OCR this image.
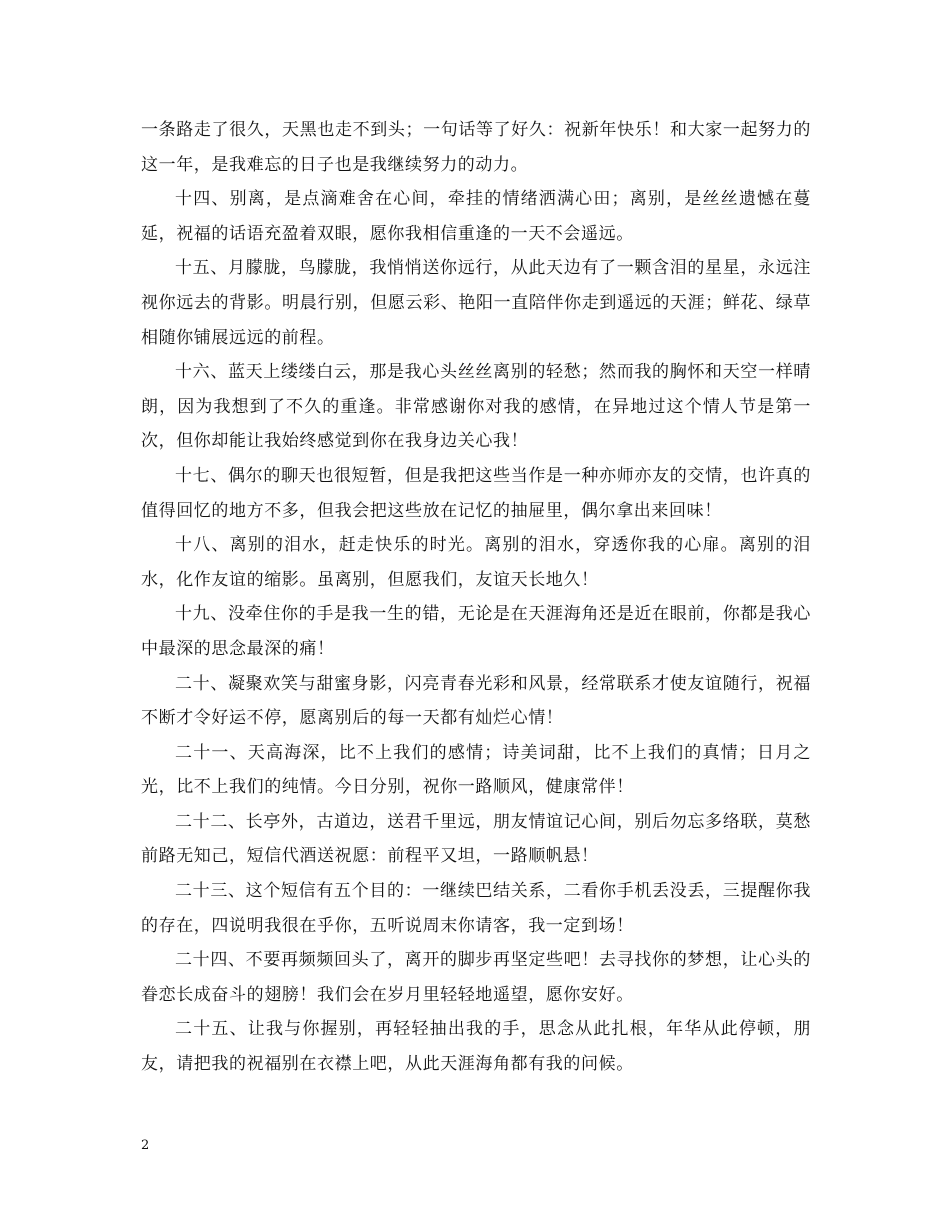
一条路走了很久，天黑也走不到头；一句话等了好久：祝新年快乐！和大家一起努力的这一年，是我难忘的日子也是我继续努力的动力。

十四、别离，是点滴难舍在心间，牵挂的情绪洒满心田；离别，是丝丝遗憾在蔓延，祝福的话语充盈着双眼，愿你我相信重逢的一天不会遥远。

十五、月朦胧，鸟朦胧，我悄悄送你远行，从此天边有了一颗含泪的星星，永远注视你远去的背影。明晨行别，但愿云彩、艳阳一直陪伴你走到遥远的天涯；鲜花、绿草相随你铺展远远的前程。

十六、蓝天上缕缕白云，那是我心头丝丝离别的轻愁；然而我的胸怀和天空一样晴朗，因为我想到了不久的重逢。非常感谢你对我的感情，在异地过这个情人节是第一次，但你却能让我始终感觉到你在我身边关心我！

十七、偶尔的聊天也很短暂，但是我把这些当作是一种亦师亦友的交情，也许真的值得回忆的地方不多，但我会把这些放在记忆的抽屉里，偶尔拿出来回味！

十八、离别的泪水，赶走快乐的时光。离别的泪水，穿透你我的心扉。离别的泪水，化作友谊的缩影。虽离别，但愿我们，友谊天长地久！

十九、没牵住你的手是我一生的错，无论是在天涯海角还是近在眼前，你都是我心中最深的思念最深的痛！

二十、凝聚欢笑与甜蜜身影，闪亮青春光彩和风景，经常联系才使友谊随行，祝福不断才令好运不停，愿离别后的每一天都有灿烂心情！

二十一、天高海深，比不上我们的感情；诗美词甜，比不上我们的真情；日月之光，比不上我们的纯情。今日分别，祝你一路顺风，健康常伴！

二十二、长亭外，古道边，送君千里远，朋友情谊记心间，别后勿忘多络联，莫愁前路无知己，短信代酒送祝愿：前程平又坦，一路顺帆悬！

二十三、这个短信有五个目的：一继续巴结关系，二看你手机丢没丢，三提醒你我的存在，四说明我很在乎你，五听说周末你请客，我一定到场！

二十四、不要再频频回头了，离开的脚步再坚定些吧！去寻找你的梦想，让心头的眷恋长成奋斗的翅膀！我们会在岁月里轻轻地遥望，愿你安好。

二十五、让我与你握别，再轻轻抽出我的手，思念从此扎根，年华从此停顿，朋友，请把我的祝福别在衣襟上吧，从此天涯海角都有我的问候。

2
